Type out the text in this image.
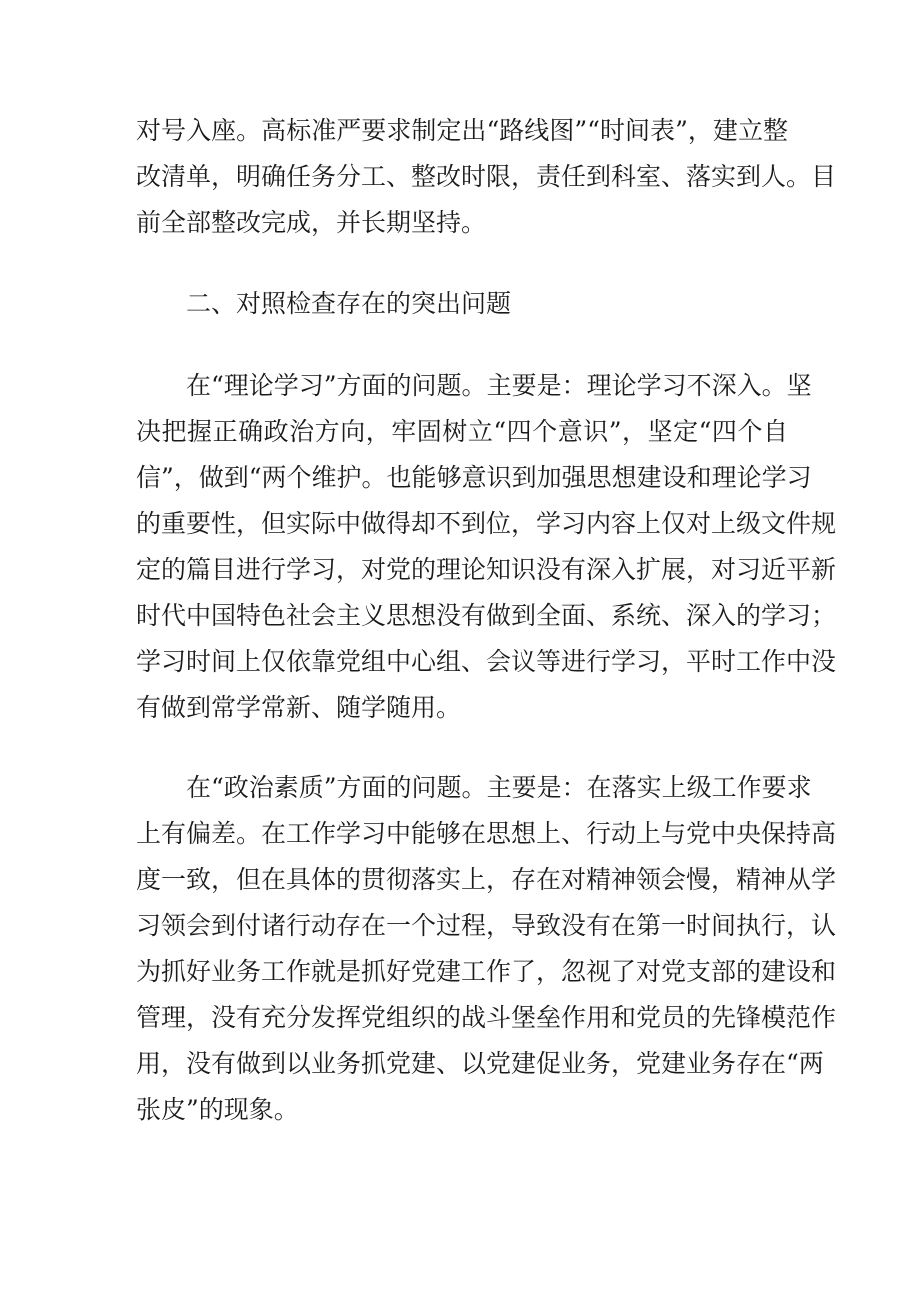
对号入座。高标准严要求制定出“路线图”“时间表”，建立整

改清单，明确任务分工、整改时限，责任到科室、落实到人。目

前全部整改完成，并长期坚持。

二、对照检查存在的突出问题

在“理论学习”方面的问题。主要是：理论学习不深入。坚

决把握正确政治方向，牢固树立“四个意识”，坚定“四个自

信”，做到“两个维护。也能够意识到加强思想建设和理论学习

的重要性，但实际中做得却不到位，学习内容上仅对上级文件规

定的篇目进行学习，对党的理论知识没有深入扩展，对习近平新

时代中国特色社会主义思想没有做到全面、系统、深入的学习；

学习时间上仅依靠党组中心组、会议等进行学习，平时工作中没

有做到常学常新、随学随用。

在“政治素质”方面的问题。主要是：在落实上级工作要求

上有偏差。在工作学习中能够在思想上、行动上与党中央保持高

度一致，但在具体的贯彻落实上，存在对精神领会慢，精神从学

习领会到付诸行动存在一个过程，导致没有在第一时间执行，认

为抓好业务工作就是抓好党建工作了，忽视了对党支部的建设和

管理，没有充分发挥党组织的战斗堡垒作用和党员的先锋模范作

用，没有做到以业务抓党建、以党建促业务，党建业务存在“两

张皮”的现象。
